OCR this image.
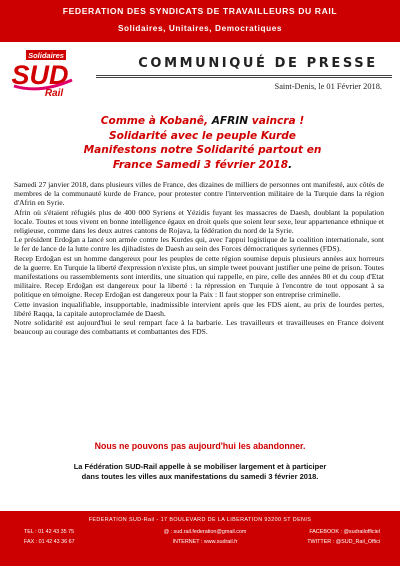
FEDERATION DES SYNDICATS DE TRAVAILLEURS DU RAIL
Solidaires, Unitaires, Democratiques
Solidaires
SUD
Rail
COMMUNIQUÉ DE PRESSE
Saint-Denis, le 01 Février 2018.
Comme à Kobanê, AFRIN vaincra !
Solidarité avec le peuple Kurde
Manifestons notre Solidarité partout en
France Samedi 3 février 2018.

Samedi 27 janvier 2018, dans plusieurs villes de France, des dizaines de milliers de personnes ont manifesté, aux côtés de membres de la communauté kurde de France, pour protester contre l'intervention militaire de la Turquie dans la région d'Afrin en Syrie.

Afrin où s'étaient réfugiés plus de 400 000 Syriens et Yézidis fuyant les massacres de Daesh, doublant la population locale. Toutes et tous vivent en bonne intelligence égaux en droit quels que soient leur sexe, leur appartenance ethnique et religieuse, comme dans les deux autres cantons de Rojava, la fédération du nord de la Syrie.

Le président Erdoğan a lancé son armée contre les Kurdes qui, avec l'appui logistique de la coalition internationale, sont le fer de lance de la lutte contre les djihadistes de Daesh au sein des Forces démocratiques syriennes (FDS).

Recep Erdoğan est un homme dangereux pour les peuples de cette région soumise depuis plusieurs années aux horreurs de la guerre. En Turquie la liberté d'expression n'existe plus, un simple tweet pouvant justifier une peine de prison. Toutes manifestations ou rassemblements sont interdits, une situation qui rappelle, en pire, celle des années 80 et du coup d'Etat militaire. Recep Erdoğan est dangereux pour la liberté : la répression en Turquie à l'encontre de tout opposant à sa politique en témoigne. Recep Erdoğan est dangereux pour la Paix : Il faut stopper son entreprise criminelle.

Cette invasion inqualifiable, insupportable, inadmissible intervient après que les FDS aient, au prix de lourdes pertes, libéré Raqqa, la capitale autoproclamée de Daesh.

Notre solidarité est aujourd'hui le seul rempart face à la barbarie. Les travailleurs et travailleuses en France doivent beaucoup au courage des combattants et combattantes des FDS.

Nous ne pouvons pas aujourd'hui les abandonner.
La Fédération SUD-Rail appelle à se mobiliser largement et à participer
dans toutes les villes aux manifestations du samedi 3 février 2018.
FEDERATION SUD-Rail - 17 BOULEVARD DE LA LIBERATION 93200 ST DENIS
TEL : 01 42 43 35 75	@ : sud.rail.federation@gmail.com	FACEBOOK : @sudrailofficiel
FAX : 01 42 43 36 67	INTERNET : www.sudrail.fr	TWITTER : @SUD_Rail_Offici
